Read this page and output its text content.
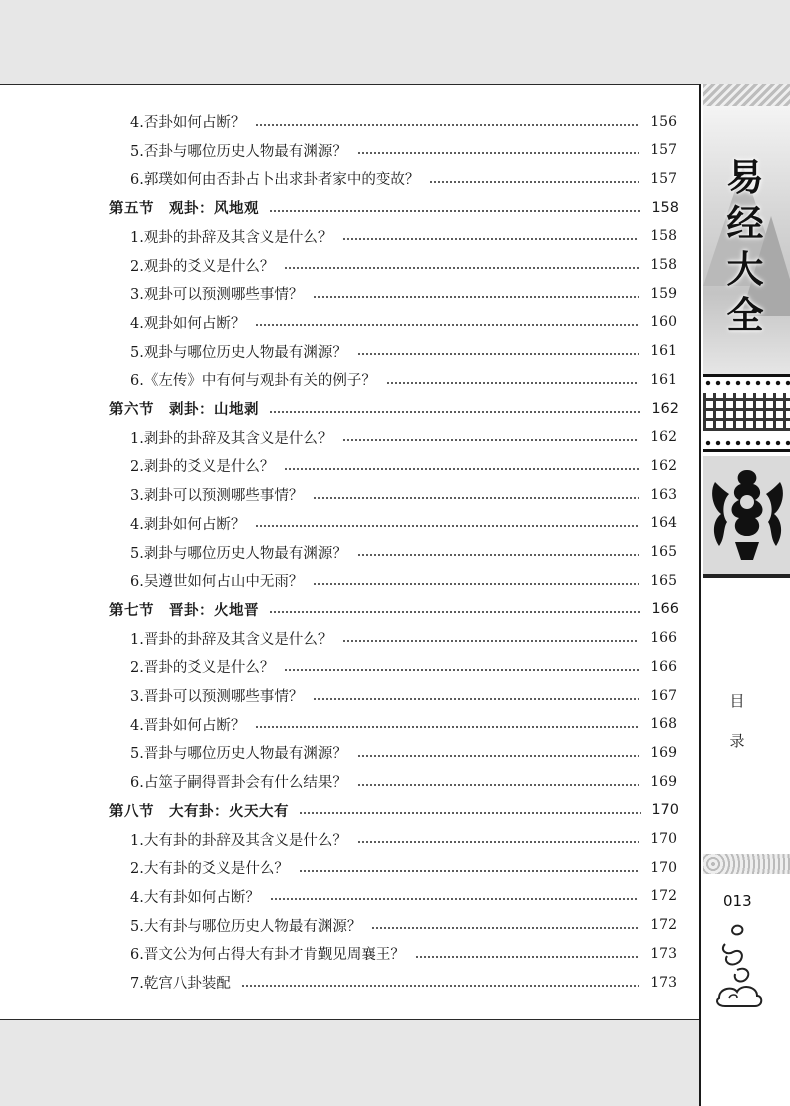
4.否卦如何占断？	156
5.否卦与哪位历史人物最有渊源？	157
6.郭璞如何由否卦占卜出求卦者家中的变故？	157
第五节　观卦：风地观	158
1.观卦的卦辞及其含义是什么？	158
2.观卦的爻义是什么？	158
3.观卦可以预测哪些事情？	159
4.观卦如何占断？	160
5.观卦与哪位历史人物最有渊源？	161
6.《左传》中有何与观卦有关的例子？	161
第六节　剥卦：山地剥	162
1.剥卦的卦辞及其含义是什么？	162
2.剥卦的爻义是什么？	162
3.剥卦可以预测哪些事情？	163
4.剥卦如何占断？	164
5.剥卦与哪位历史人物最有渊源？	165
6.吴遵世如何占山中无雨？	165
第七节　晋卦：火地晋	166
1.晋卦的卦辞及其含义是什么？	166
2.晋卦的爻义是什么？	166
3.晋卦可以预测哪些事情？	167
4.晋卦如何占断？	168
5.晋卦与哪位历史人物最有渊源？	169
6.占筮子嗣得晋卦会有什么结果？	169
第八节　大有卦：火天大有	170
1.大有卦的卦辞及其含义是什么？	170
2.大有卦的爻义是什么？	170
4.大有卦如何占断？	172
5.大有卦与哪位历史人物最有渊源？	172
6.晋文公为何占得大有卦才肯觐见周襄王？	173
7.乾宫八卦装配	173
易
经
大
全
目
录
013
